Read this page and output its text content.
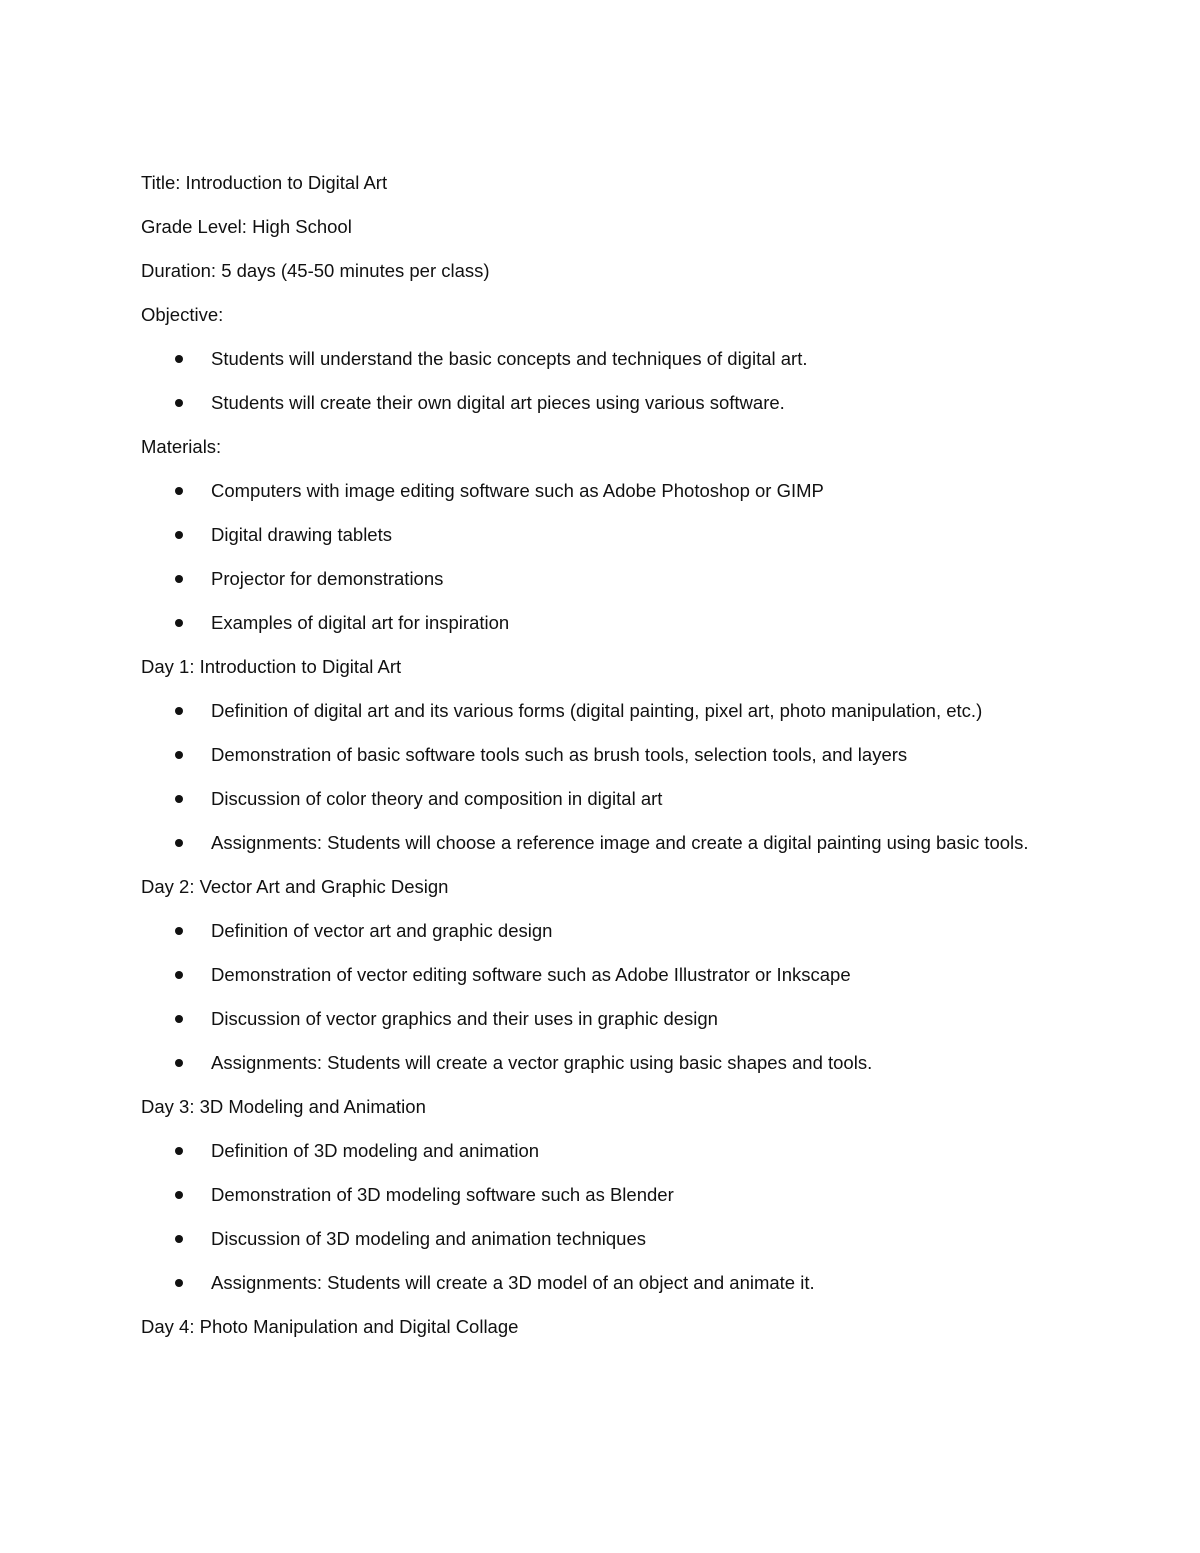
Title: Introduction to Digital Art

Grade Level: High School

Duration: 5 days (45-50 minutes per class)

Objective:

Students will understand the basic concepts and techniques of digital art.
Students will create their own digital art pieces using various software.

Materials:

Computers with image editing software such as Adobe Photoshop or GIMP
Digital drawing tablets
Projector for demonstrations
Examples of digital art for inspiration

Day 1: Introduction to Digital Art

Definition of digital art and its various forms (digital painting, pixel art, photo manipulation, etc.)
Demonstration of basic software tools such as brush tools, selection tools, and layers
Discussion of color theory and composition in digital art
Assignments: Students will choose a reference image and create a digital painting using basic tools.

Day 2: Vector Art and Graphic Design

Definition of vector art and graphic design
Demonstration of vector editing software such as Adobe Illustrator or Inkscape
Discussion of vector graphics and their uses in graphic design
Assignments: Students will create a vector graphic using basic shapes and tools.

Day 3: 3D Modeling and Animation

Definition of 3D modeling and animation
Demonstration of 3D modeling software such as Blender
Discussion of 3D modeling and animation techniques
Assignments: Students will create a 3D model of an object and animate it.

Day 4: Photo Manipulation and Digital Collage
